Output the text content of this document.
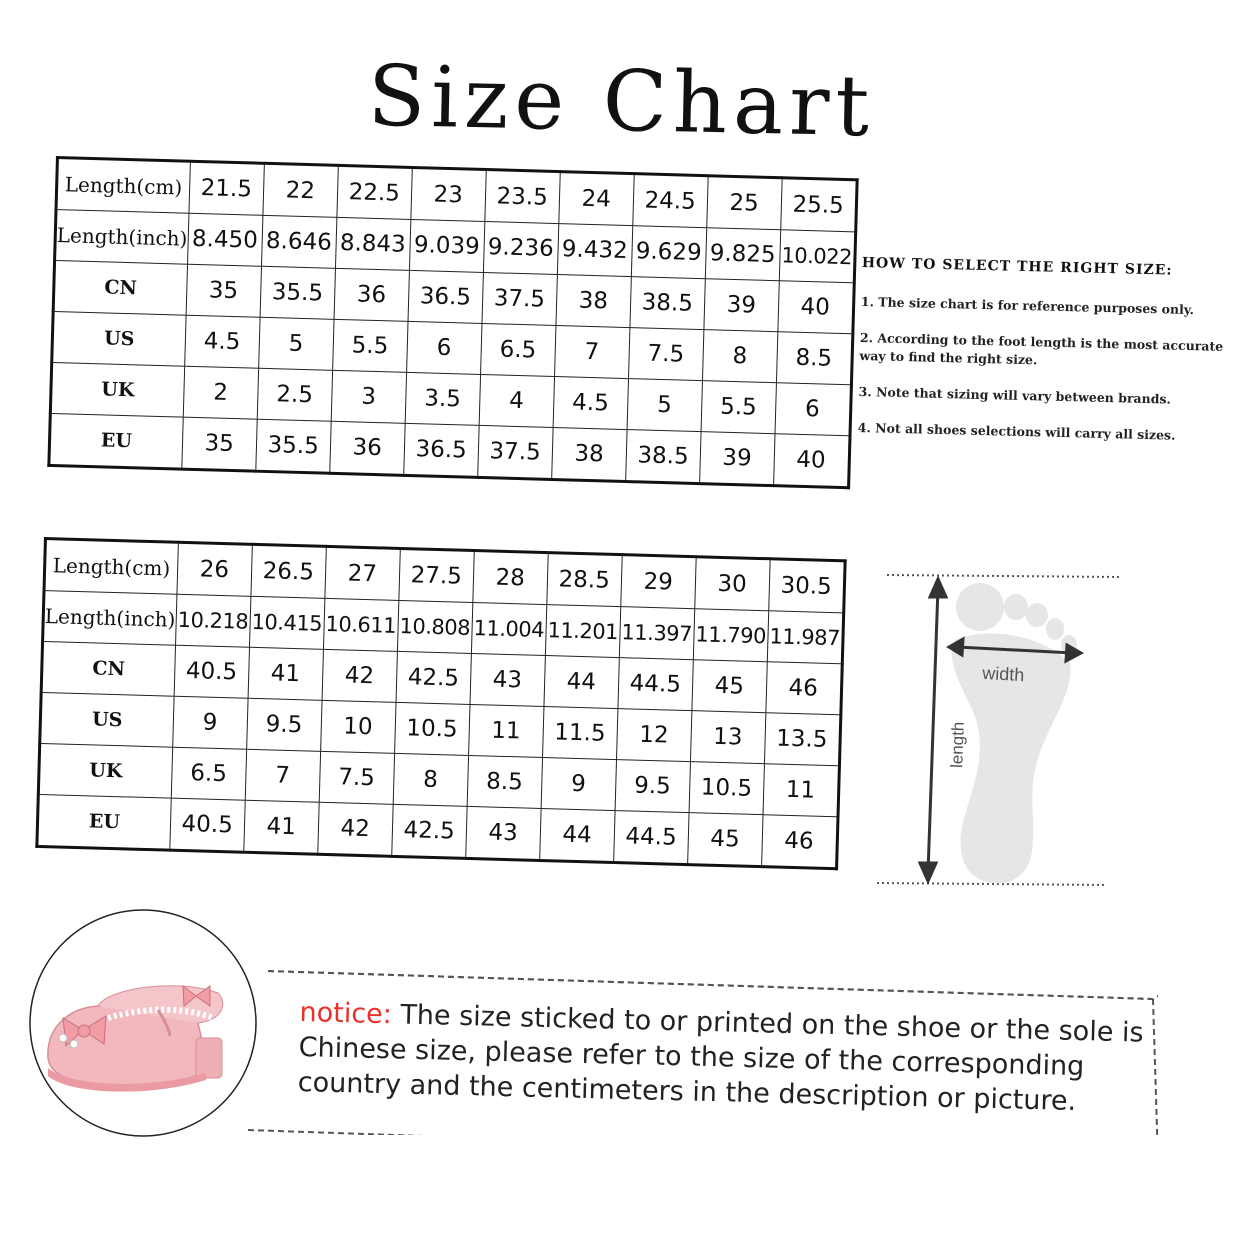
Size Chart
Length(cm)	21.5	22	22.5	23	23.5	24	24.5	25	25.5
Length(inch)	8.450	8.646	8.843	9.039	9.236	9.432	9.629	9.825	10.022
CN	35	35.5	36	36.5	37.5	38	38.5	39	40
US	4.5	5	5.5	6	6.5	7	7.5	8	8.5
UK	2	2.5	3	3.5	4	4.5	5	5.5	6
EU	35	35.5	36	36.5	37.5	38	38.5	39	40
Length(cm)	26	26.5	27	27.5	28	28.5	29	30	30.5
Length(inch)	10.218	10.415	10.611	10.808	11.004	11.201	11.397	11.790	11.987
CN	40.5	41	42	42.5	43	44	44.5	45	46
US	9	9.5	10	10.5	11	11.5	12	13	13.5
UK	6.5	7	7.5	8	8.5	9	9.5	10.5	11
EU	40.5	41	42	42.5	43	44	44.5	45	46
HOW TO SELECT THE RIGHT SIZE:
1. The size chart is for reference purposes only.
2. According to the foot length is the most accurate way to find the right size.
3. Note that sizing will vary between brands.
4. Not all shoes selections will carry all sizes.
width
length
notice: The size sticked to or printed on the shoe or the sole is Chinese size, please refer to the size of the corresponding country and the centimeters in the description or picture.
